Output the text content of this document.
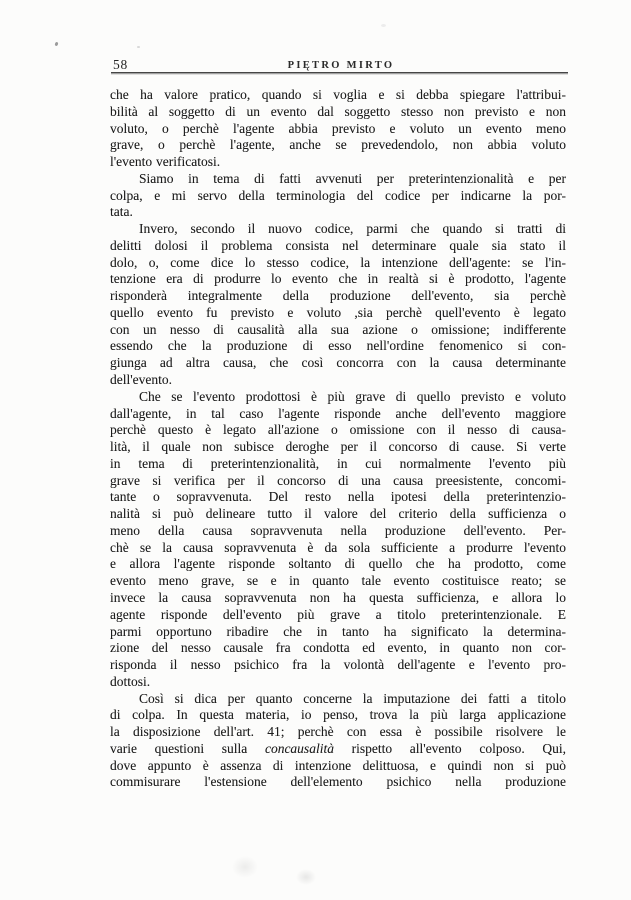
58	PIĘTRO MIRTO
che ha valore pratico, quando si voglia e si debba spiegare l'attribui-
bilità al soggetto di un evento dal soggetto stesso non previsto e non
voluto, o perchè l'agente abbia previsto e voluto un evento meno
grave, o perchè l'agente, anche se prevedendolo, non abbia voluto
l'evento verificatosi.
Siamo in tema di fatti avvenuti per preterintenzionalità e per
colpa, e mi servo della terminologia del codice per indicarne la por-
tata.
Invero, secondo il nuovo codice, parmi che quando si tratti di
delitti dolosi il problema consista nel determinare quale sia stato il
dolo, o, come dice lo stesso codice, la intenzione dell'agente: se l'in-
tenzione era di produrre lo evento che in realtà si è prodotto, l'agente
risponderà integralmente della produzione dell'evento, sia perchè
quello evento fu previsto e voluto ,sia perchè quell'evento è legato
con un nesso di causalità alla sua azione o omissione; indifferente
essendo che la produzione di esso nell'ordine fenomenico si con-
giunga ad altra causa, che così concorra con la causa determinante
dell'evento.
Che se l'evento prodottosi è più grave di quello previsto e voluto
dall'agente, in tal caso l'agente risponde anche dell'evento maggiore
perchè questo è legato all'azione o omissione con il nesso di causa-
lità, il quale non subisce deroghe per il concorso di cause. Si verte
in tema di preterintenzionalità, in cui normalmente l'evento più
grave si verifica per il concorso di una causa preesistente, concomi-
tante o sopravvenuta. Del resto nella ipotesi della preterintenzio-
nalità si può delineare tutto il valore del criterio della sufficienza o
meno della causa sopravvenuta nella produzione dell'evento. Per-
chè se la causa sopravvenuta è da sola sufficiente a produrre l'evento
e allora l'agente risponde soltanto di quello che ha prodotto, come
evento meno grave, se e in quanto tale evento costituisce reato; se
invece la causa sopravvenuta non ha questa sufficienza, e allora lo
agente risponde dell'evento più grave a titolo preterintenzionale. E
parmi opportuno ribadire che in tanto ha significato la determina-
zione del nesso causale fra condotta ed evento, in quanto non cor-
risponda il nesso psichico fra la volontà dell'agente e l'evento pro-
dottosi.
Così si dica per quanto concerne la imputazione dei fatti a titolo
di colpa. In questa materia, io penso, trova la più larga applicazione
la disposizione dell'art. 41; perchè con essa è possibile risolvere le
varie questioni sulla concausalità rispetto all'evento colposo. Qui,
dove appunto è assenza di intenzione delittuosa, e quindi non si può
commisurare l'estensione dell'elemento psichico nella produzione
